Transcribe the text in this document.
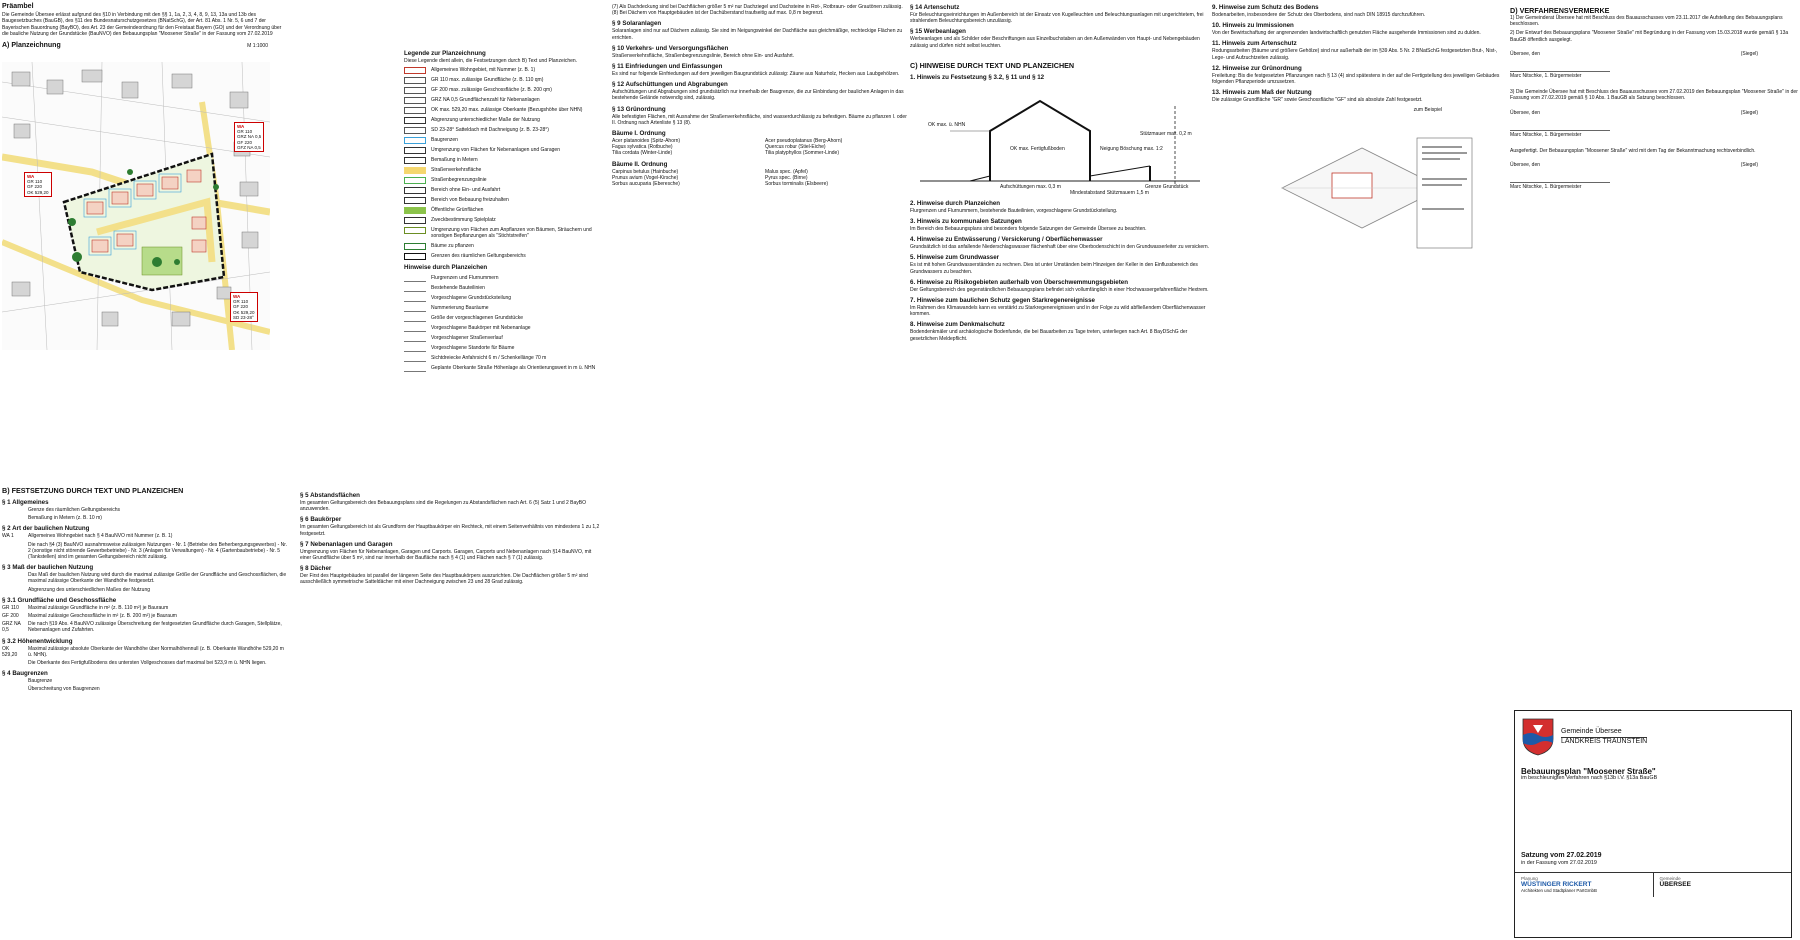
Präambel
Die Gemeinde Übersee erlässt aufgrund des §10 in Verbindung mit den §§ 1, 1a, 2, 3, 4, 8, 9, 13, 13a und 13b des Baugesetzbuches (BauGB), des §11 des Bundesnaturschutzgesetzes (BNatSchG), der Art. 81 Abs. 1 Nr. 5, 6 und 7 der Bayerischen Bauordnung (BayBO), des Art. 23 der Gemeindeordnung für den Freistaat Bayern (GO) und der Verordnung über die bauliche Nutzung der Grundstücke (BauNVO) den Bebauungsplan "Moosener Straße" in der Fassung vom 27.02.2019
A) Planzeichnung	M 1:1000
WA
GR 110
GF 220
OK 529,20
WA
GR 110
GRZ NA 0,5
GF 220
GFZ NA 0,5
WA
GR 110
GF 220
OK 529,20
SD 23-28°
B) FESTSETZUNG DURCH TEXT UND PLANZEICHEN
§ 1 Allgemeines
Grenze des räumlichen Geltungsbereichs
Bemaßung in Metern (z. B. 10 m)
§ 2 Art der baulichen Nutzung
WA 1	Allgemeines Wohngebiet nach § 4 BauNVO mit Nummer (z. B. 1)
Die nach §4 (3) BauNVO ausnahmsweise zulässigen Nutzungen - Nr. 1 (Betriebe des Beherbergungsgewerbes) - Nr. 2 (sonstige nicht störende Gewerbebetriebe) - Nr. 3 (Anlagen für Verwaltungen) - Nr. 4 (Gartenbaubetriebe) - Nr. 5 (Tankstellen) sind im gesamten Geltungsbereich nicht zulässig.
§ 3 Maß der baulichen Nutzung
Das Maß der baulichen Nutzung wird durch die maximal zulässige Größe der Grundfläche und Geschossflächen, die maximal zulässige Oberkante der Wandhöhe festgesetzt.
Abgrenzung des unterschiedlichen Maßes der Nutzung
§ 3.1 Grundfläche und Geschossfläche
GR 110	Maximal zulässige Grundfläche in m² (z. B. 110 m²) je Bauraum
GF 200	Maximal zulässige Geschossfläche in m² (z. B. 200 m²) je Bauraum
GRZ NA 0,5
Die nach §19 Abs. 4 BauNVO zulässige Überschreitung der festgesetzten Grundfläche durch Garagen, Stellplätze, Nebenanlagen und Zufahrten.
§ 3.2 Höhenentwicklung
OK 529,20
Maximal zulässige absolute Oberkante der Wandhöhe über Normalhöhennull (z. B. Oberkante Wandhöhe 529,20 m ü. NHN).
Die Oberkante des Fertigfußbodens des untersten Vollgeschosses darf maximal bei 523,9 m ü. NHN liegen.
§ 4 Baugrenzen
Baugrenze
Überschreitung von Baugrenzen
Legende zur Planzeichnung
Diese Legende dient allein, die Festsetzungen durch B) Text und Planzeichen.
Allgemeines Wohngebiet, mit Nummer (z. B. 1)
GR 110 max. zulässige Grundfläche (z. B. 110 qm)
GF 200 max. zulässige Geschossfläche (z. B. 200 qm)
GRZ NA 0,5 Grundflächenzahl für Nebenanlagen
OK max. 529,20 max. zulässige Oberkante (Bezugshöhe über NHN)
Abgrenzung unterschiedlicher Maße der Nutzung
SD 23-28° Satteldach mit Dachneigung (z. B. 23-28°)
Baugrenzen
Umgrenzung von Flächen für Nebenanlagen und Garagen
Bemaßung in Metern
Straßenverkehrsfläche
Straßenbegrenzungslinie
Bereich ohne Ein- und Ausfahrt
Bereich von Bebauung freizuhalten
Öffentliche Grünflächen
Zweckbestimmung Spielplatz
Umgrenzung von Flächen zum Anpflanzen von Bäumen, Sträuchern und sonstigen Bepflanzungen als "Stichtstreifen"
Bäume zu pflanzen
Grenzen des räumlichen Geltungsbereichs
Hinweise durch Planzeichen
Flurgrenzen und Flurnummern
Bestehende Bauteilinien
Vorgeschlagene Grundstücksteilung
Nummerierung Bauräume
Größe der vorgeschlagenen Grundstücke
Vorgeschlagene Baukörper mit Nebenanlage
Vorgeschlagener Straßenverlauf
Vorgeschlagene Standorte für Bäume
Sichtdreiecke Anfahrsicht 6 m / Schenkellänge 70 m
Geplante Oberkante Straße Höhenlage als Orientierungswert in m ü. NHN
§ 5 Abstandsflächen

Im gesamten Geltungsbereich des Bebauungsplans sind die Regelungen zu Abstandsflächen nach Art. 6 (5) Satz 1 und 2 BayBO anzuwenden.

§ 6 Baukörper

Im gesamten Geltungsbereich ist als Grundform der Hauptbaukörper ein Rechteck, mit einem Seitenverhältnis von mindestens 1 zu 1,2 festgesetzt.

§ 7 Nebenanlagen und Garagen

Umgrenzung von Flächen für Nebenanlagen, Garagen und Carports. Garagen, Carports und Nebenanlagen nach §14 BauNVO, mit einer Grundfläche über 5 m², sind nur innerhalb der Baufläche nach § 4 (1) und Flächen nach § 7 (1) zulässig.

§ 8 Dächer

Der First des Hauptgebäudes ist parallel der längeren Seite des Hauptbaukörpers auszurichten. Die Dachflächen größer 5 m² sind ausschließlich symmetrische Satteldächer mit einer Dachneigung zwischen 23 und 28 Grad zulässig.

(7) Als Dachdeckung sind bei Dachflächen größer 5 m² nur Dachziegel und Dachsteine in Rot-, Rotbraun- oder Grautönen zulässig.
(8) Bei Dächern von Hauptgebäuden ist der Dachüberstand traufseitig auf max. 0,8 m begrenzt.
§ 9 Solaranlagen

Solaranlagen sind nur auf Dächern zulässig. Sie sind im Neigungswinkel der Dachfläche aus gleichmäßige, rechteckige Flächen zu errichten.

§ 10 Verkehrs- und Versorgungsflächen

Straßenverkehrsfläche, Straßenbegrenzungslinie, Bereich ohne Ein- und Ausfahrt.

§ 11 Einfriedungen und Einfassungen

Es sind nur folgende Einfriedungen auf dem jeweiligen Baugrundstück zulässig: Zäune aus Naturholz, Hecken aus Laubgehölzen.

§ 12 Aufschüttungen und Abgrabungen

Aufschüttungen und Abgrabungen sind grundsätzlich nur innerhalb der Baugrenze, die zur Einbindung der baulichen Anlagen in das bestehende Gelände notwendig sind, zulässig.

§ 13 Grünordnung

Alle befestigten Flächen, mit Ausnahme der Straßenverkehrsfläche, sind wasserdurchlässig zu befestigen. Bäume zu pflanzen I. oder II. Ordnung nach Artenliste § 13 (8).

Bäume I. Ordnung
Acer platanoides (Spitz-Ahorn)	Acer pseudoplatanus (Berg-Ahorn)
Fagus sylvatica (Rotbuche)	Quercus robur (Stiel-Eiche)
Tilia cordata (Winter-Linde)	Tilia platyphyllos (Sommer-Linde)
Bäume II. Ordnung
Carpinus betulus (Hainbuche)	Malus spec. (Apfel)
Prunus avium (Vogel-Kirsche)	Pyrus spec. (Birne)
Sorbus aucuparia (Eberesche)	Sorbus torminalis (Elsbeere)
§ 14 Artenschutz

Für Beleuchtungseinrichtungen im Außenbereich ist der Einsatz von Kugelleuchten und Beleuchtungsanlagen mit ungerichtetem, frei strahlendem Beleuchtungsbereich unzulässig.

§ 15 Werbeanlagen

Werbeanlagen und als Schilder oder Beschriftungen aus Einzelbuchstaben an den Außenwänden von Haupt- und Nebengebäuden zulässig und dürfen nicht selbst leuchten.

C) HINWEISE DURCH TEXT UND PLANZEICHEN
1. Hinweis zu Festsetzung § 3.2, § 11 und § 12
OK max. ü. NHN
OK max. Fertigfußboden	Neigung Böschung max. 1:2
Stützmauer max. 0,2 m
Aufschüttungen max. 0,3 m	Grenze Grundstück
Mindestabstand Stützmauern 1,5 m
2. Hinweise durch Planzeichen

Flurgrenzen und Flurnummern, bestehende Bauteilinien, vorgeschlagene Grundstücksteilung.

3. Hinweis zu kommunalen Satzungen

Im Bereich des Bebauungsplans sind besonders folgende Satzungen der Gemeinde Übersee zu beachten.

4. Hinweise zu Entwässerung / Versickerung / Oberflächenwasser

Grundsätzlich ist das anfallende Niederschlagswasser flächenhaft über eine Oberbodenschicht in den Grundwasserleiter zu versickern.

5. Hinweise zum Grundwasser

Es ist mit hohen Grundwasserständen zu rechnen. Dies ist unter Umständen beim Hinzeigen der Keller in den Einflussbereich des Grundwassers zu beachten.

6. Hinweise zu Risikogebieten außerhalb von Überschwemmungsgebieten

Der Geltungsbereich des gegenständlichen Bebauungsplans befindet sich vollumfänglich in einer Hochwassergefahrenfläche Hextrem.

7. Hinweise zum baulichen Schutz gegen Starkregenereignisse

Im Rahmen des Klimawandels kann es verstärkt zu Starkregenereignissen und in der Folge zu wild abfließendem Oberflächenwasser kommen.

8. Hinweise zum Denkmalschutz

Bodendenkmäler und archäologische Bodenfunde, die bei Bauarbeiten zu Tage treten, unterliegen nach Art. 8 BayDSchG der gesetzlichen Meldepflicht.

9. Hinweise zum Schutz des Bodens

Bodenarbeiten, insbesondere der Schutz des Oberbodens, sind nach DIN 18915 durchzuführen.

10. Hinweis zu Immissionen

Von der Bewirtschaftung der angrenzenden landwirtschaftlich genutzten Fläche ausgehende Immissionen sind zu dulden.

11. Hinweis zum Artenschutz

Rodungsarbeiten (Bäume und größere Gehölze) sind nur außerhalb der im §39 Abs. 5 Nr. 2 BNatSchG festgesetzten Brut-, Nist-, Lege- und Aufzuchtzeiten zulässig.

12. Hinweise zur Grünordnung

Freileitung: Bis die festgesetzten Pflanzungen nach § 13 (4) sind spätestens in der auf die Fertigstellung des jeweiligen Gebäudes folgenden Pflanzperiode umzusetzen.

13. Hinweis zum Maß der Nutzung

Die zulässige Grundfläche "GR" sowie Geschossfläche "GF" sind als absolute Zahl festgesetzt.

zum Beispiel
D) VERFAHRENSVERMERKE

1) Der Gemeinderat Übersee hat mit Beschluss des Bauausschusses vom 23.11.2017 die Aufstellung des Bebauungsplans beschlossen.

2) Der Entwurf des Bebauungsplans "Moosener Straße" mit Begründung in der Fassung vom 15.03.2018 wurde gemäß § 13a BauGB öffentlich ausgelegt.

Übersee, den	(Siegel)
Marc Nitschke, 1. Bürgermeister

3) Die Gemeinde Übersee hat mit Beschluss des Bauausschusses vom 27.02.2019 den Bebauungsplan "Moosener Straße" in der Fassung vom 27.02.2019 gemäß § 10 Abs. 1 BauGB als Satzung beschlossen.

Übersee, den	(Siegel)
Marc Nitschke, 1. Bürgermeister

Ausgefertigt. Der Bebauungsplan "Moosener Straße" wird mit dem Tag der Bekanntmachung rechtsverbindlich.

Übersee, den	(Siegel)
Marc Nitschke, 1. Bürgermeister
Gemeinde Übersee
LANDKREIS TRAUNSTEIN
Bebauungsplan "Moosener Straße"
im beschleunigten Verfahren nach §13b i.V. §13a BauGB
Satzung vom 27.02.2019
in der Fassung vom 27.02.2019
Planung
WÜSTINGER RICKERT
Architekten und Stadtplaner PartGmbB
Gemeinde
ÜBERSEE
